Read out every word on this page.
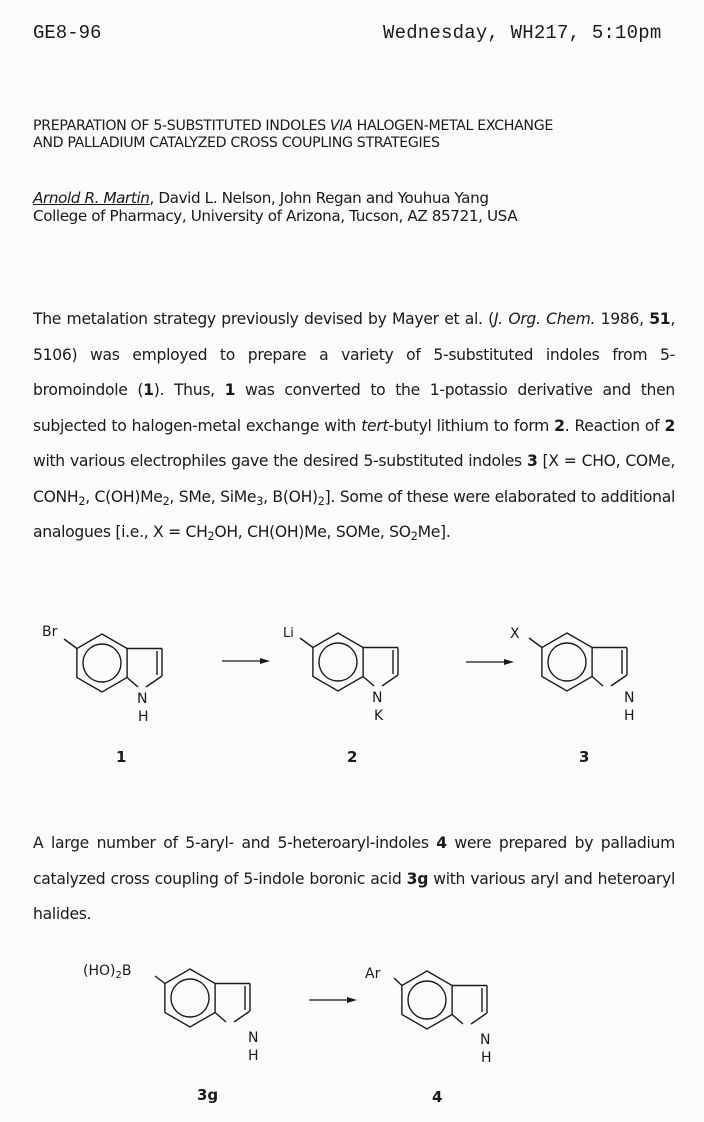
GE8-96	Wednesday, WH217, 5:10pm
PREPARATION OF 5-SUBSTITUTED INDOLES VIA HALOGEN-METAL EXCHANGE
AND PALLADIUM CATALYZED CROSS COUPLING STRATEGIES
Arnold R. Martin, David L. Nelson, John Regan and Youhua Yang
College of Pharmacy, University of Arizona, Tucson, AZ 85721, USA
The metalation strategy previously devised by Mayer et al. (J. Org. Chem. 1986, 51, 5106) was employed to prepare a variety of 5-substituted indoles from 5-bromoindole (1). Thus, 1 was converted to the 1-potassio derivative and then subjected to halogen-metal exchange with tert-butyl lithium to form 2. Reaction of 2 with various electrophiles gave the desired 5-substituted indoles 3 [X = CHO, COMe, $CONH_2$, $C(OH)Me_2$, SMe, SiMe$_3$, $B(OH)_2$]. Some of these were elaborated to additional analogues [i.e., $X = CH_2OH$, CH(OH)Me, SOMe, $SO_2Me$].
A large number of 5-aryl- and 5-heteroaryl-indoles 4 were prepared by palladium catalyzed cross coupling of 5-indole boronic acid 3g with various aryl and heteroaryl halides.
Br
N
H
Li
N
K
X
N
H
1	2	3
$(HO)_2B$
N
H
Ar
N
H
3g	4
